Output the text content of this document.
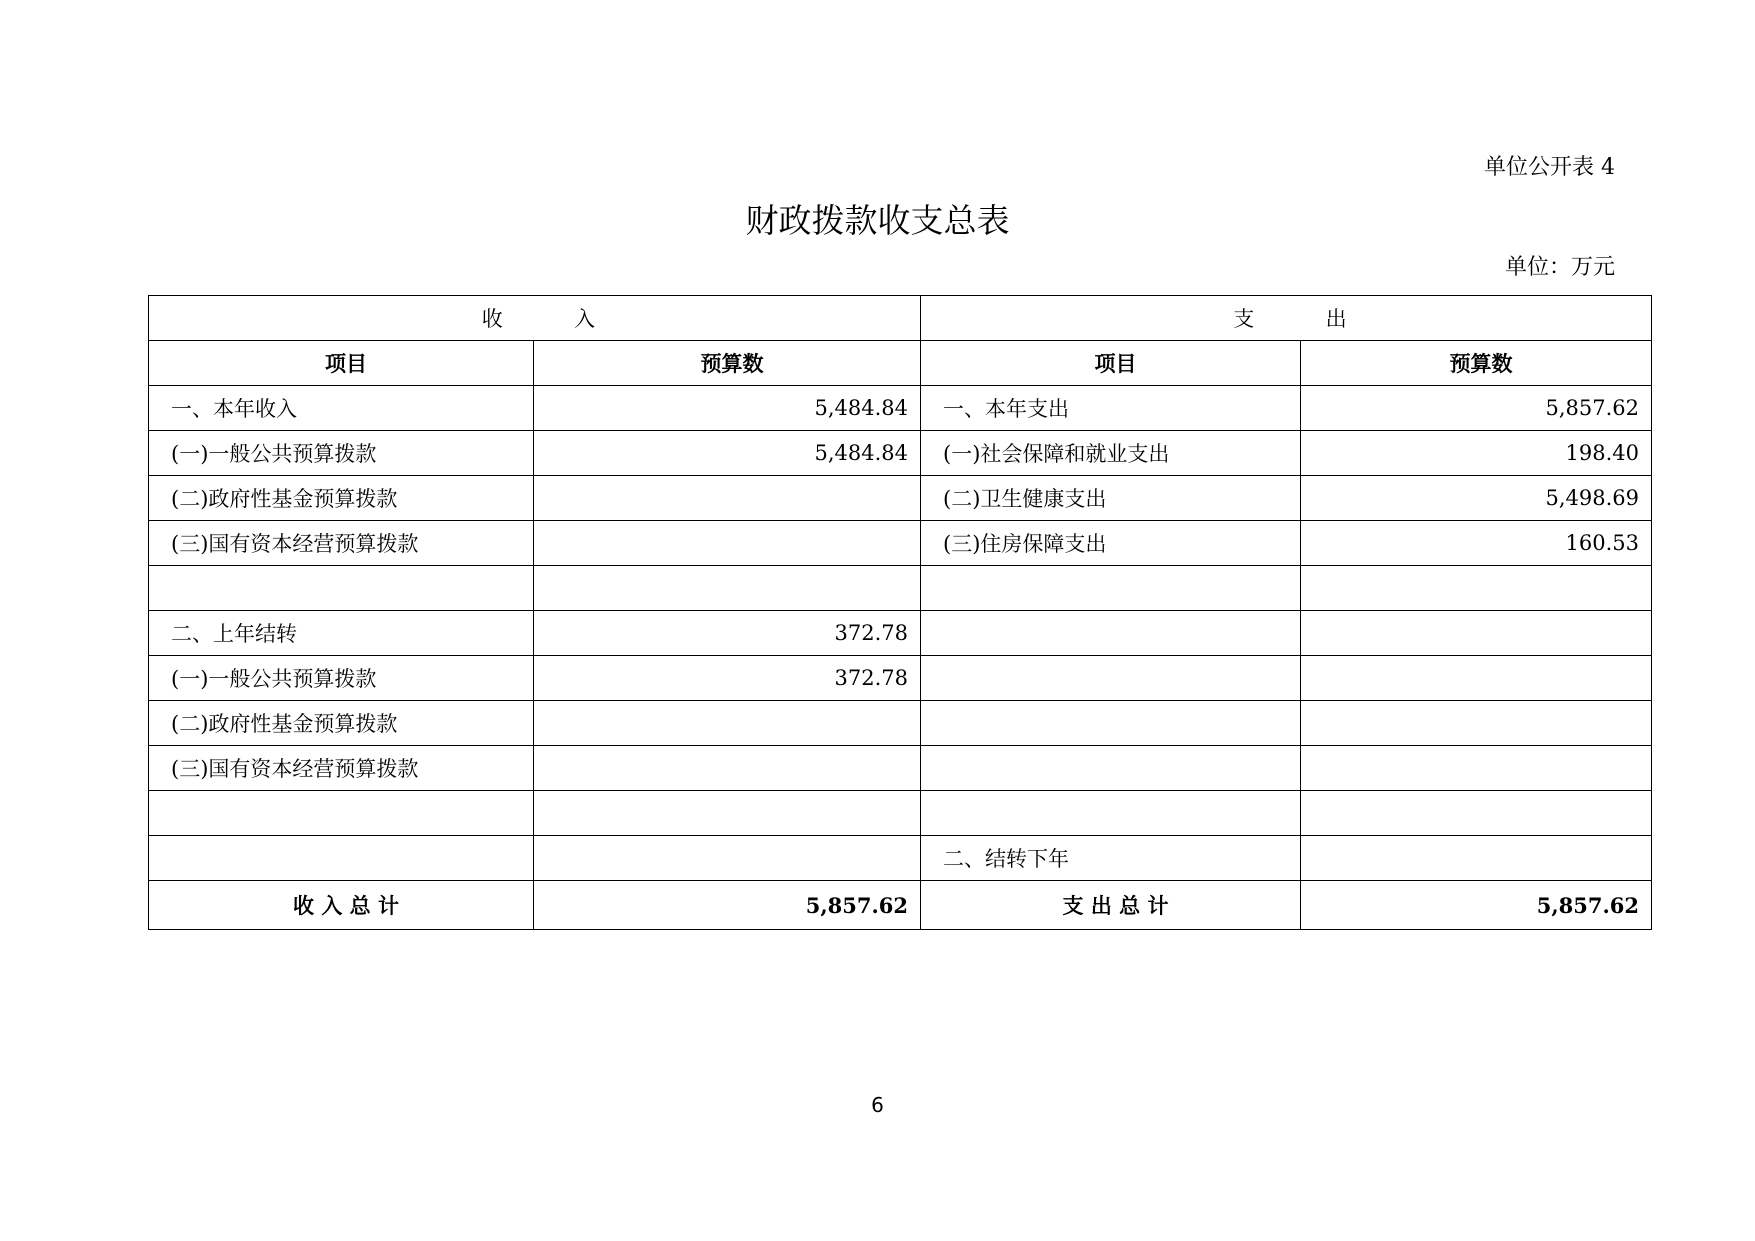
单位公开表 4
财政拨款收支总表
单位：万元
收　　　入		支　　　出	
项目	预算数	项目	预算数
一、本年收入	5,484.84	一、本年支出	5,857.62
(一)一般公共预算拨款	5,484.84	(一)社会保障和就业支出	198.40
(二)政府性基金预算拨款		(二)卫生健康支出	5,498.69
(三)国有资本经营预算拨款		(三)住房保障支出	160.53

二、上年结转	372.78		
(一)一般公共预算拨款	372.78		
(二)政府性基金预算拨款			
(三)国有资本经营预算拨款			

		二、结转下年	
收 入 总 计	5,857.62	支 出 总 计	5,857.62
6
